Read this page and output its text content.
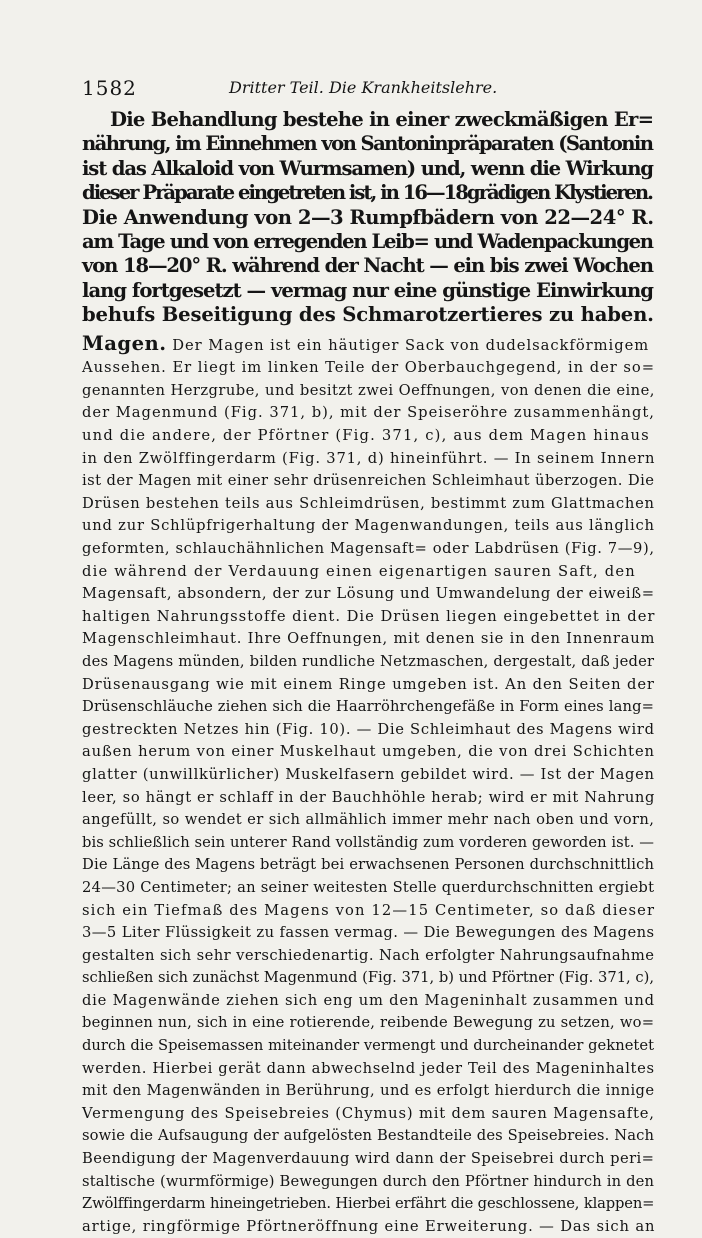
1582	Dritter Teil. Die Krankheitslehre.

Die Behandlung bestehe in einer zweckmäßigen Er=
nährung, im Einnehmen von Santoninpräparaten (Santonin
ist das Alkaloid von Wurmsamen) und, wenn die Wirkung
dieser Präparate eingetreten ist, in 16—18grädigen Klystieren.
Die Anwendung von 2—3 Rumpfbädern von 22—24° R.
am Tage und von erregenden Leib= und Wadenpackungen
von 18—20° R. während der Nacht — ein bis zwei Wochen
lang fortgesetzt — vermag nur eine günstige Einwirkung
behufs Beseitigung des Schmarotzertieres zu haben.

Magen. Der Magen ist ein häutiger Sack von dudelsackförmigem
Aussehen. Er liegt im linken Teile der Oberbauchgegend, in der so=
genannten Herzgrube, und besitzt zwei Oeffnungen, von denen die eine,
der Magenmund (Fig. 371, b), mit der Speiseröhre zusammenhängt,
und die andere, der Pförtner (Fig. 371, c), aus dem Magen hinaus
in den Zwölffingerdarm (Fig. 371, d) hineinführt. — In seinem Innern
ist der Magen mit einer sehr drüsenreichen Schleimhaut überzogen. Die
Drüsen bestehen teils aus Schleimdrüsen, bestimmt zum Glattmachen
und zur Schlüpfrigerhaltung der Magenwandungen, teils aus länglich
geformten, schlauchähnlichen Magensaft= oder Labdrüsen (Fig. 7—9),
die während der Verdauung einen eigenartigen sauren Saft, den
Magensaft, absondern, der zur Lösung und Umwandelung der eiweiß=
haltigen Nahrungsstoffe dient. Die Drüsen liegen eingebettet in der
Magenschleimhaut. Ihre Oeffnungen, mit denen sie in den Innenraum
des Magens münden, bilden rundliche Netzmaschen, dergestalt, daß jeder
Drüsenausgang wie mit einem Ringe umgeben ist. An den Seiten der
Drüsenschläuche ziehen sich die Haarröhrchengefäße in Form eines lang=
gestreckten Netzes hin (Fig. 10). — Die Schleimhaut des Magens wird
außen herum von einer Muskelhaut umgeben, die von drei Schichten
glatter (unwillkürlicher) Muskelfasern gebildet wird. — Ist der Magen
leer, so hängt er schlaff in der Bauchhöhle herab; wird er mit Nahrung
angefüllt, so wendet er sich allmählich immer mehr nach oben und vorn,
bis schließlich sein unterer Rand vollständig zum vorderen geworden ist. —
Die Länge des Magens beträgt bei erwachsenen Personen durchschnittlich
24—30 Centimeter; an seiner weitesten Stelle querdurchschnitten ergiebt
sich ein Tiefmaß des Magens von 12—15 Centimeter, so daß dieser
3—5 Liter Flüssigkeit zu fassen vermag. — Die Bewegungen des Magens
gestalten sich sehr verschiedenartig. Nach erfolgter Nahrungsaufnahme
schließen sich zunächst Magenmund (Fig. 371, b) und Pförtner (Fig. 371, c),
die Magenwände ziehen sich eng um den Mageninhalt zusammen und
beginnen nun, sich in eine rotierende, reibende Bewegung zu setzen, wo=
durch die Speisemassen miteinander vermengt und durcheinander geknetet
werden. Hierbei gerät dann abwechselnd jeder Teil des Mageninhaltes
mit den Magenwänden in Berührung, und es erfolgt hierdurch die innige
Vermengung des Speisebreies (Chymus) mit dem sauren Magensafte,
sowie die Aufsaugung der aufgelösten Bestandteile des Speisebreies. Nach
Beendigung der Magenverdauung wird dann der Speisebrei durch peri=
staltische (wurmförmige) Bewegungen durch den Pförtner hindurch in den
Zwölffingerdarm hineingetrieben. Hierbei erfährt die geschlossene, klappen=
artige, ringförmige Pförtneröffnung eine Erweiterung. — Das sich an
